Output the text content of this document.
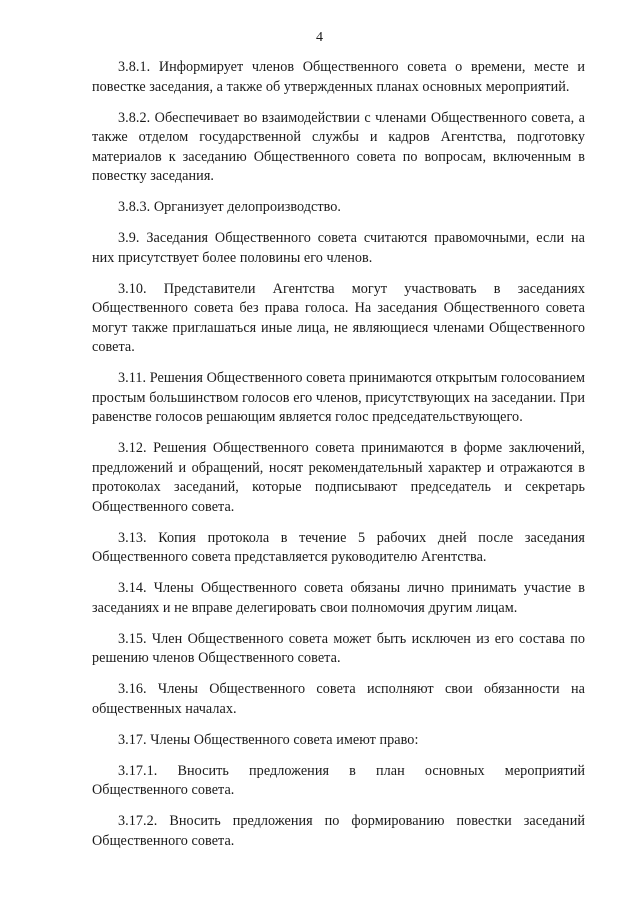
4

3.8.1. Информирует членов Общественного совета о времени, месте и повестке заседания, а также об утвержденных планах основных мероприятий.

3.8.2. Обеспечивает во взаимодействии с членами Общественного совета, а также отделом государственной службы и кадров Агентства, подготовку материалов к заседанию Общественного совета по вопросам, включенным в повестку заседания.

3.8.3. Организует делопроизводство.

3.9. Заседания Общественного совета считаются правомочными, если на них присутствует более половины его членов.

3.10. Представители Агентства могут участвовать в заседаниях Общественного совета без права голоса. На заседания Общественного совета могут также приглашаться иные лица, не являющиеся членами Общественного совета.

3.11. Решения Общественного совета принимаются открытым голосованием простым большинством голосов его членов, присутствующих на заседании. При равенстве голосов решающим является голос председательствующего.

3.12. Решения Общественного совета принимаются в форме заключений, предложений и обращений, носят рекомендательный характер и отражаются в протоколах заседаний, которые подписывают председатель и секретарь Общественного совета.

3.13. Копия протокола в течение 5 рабочих дней после заседания Общественного совета представляется руководителю Агентства.

3.14. Члены Общественного совета обязаны лично принимать участие в заседаниях и не вправе делегировать свои полномочия другим лицам.

3.15. Член Общественного совета может быть исключен из его состава по решению членов Общественного совета.

3.16. Члены Общественного совета исполняют свои обязанности на общественных началах.

3.17. Члены Общественного совета имеют право:

3.17.1. Вносить предложения в план основных мероприятий Общественного совета.

3.17.2. Вносить предложения по формированию повестки заседаний Общественного совета.
